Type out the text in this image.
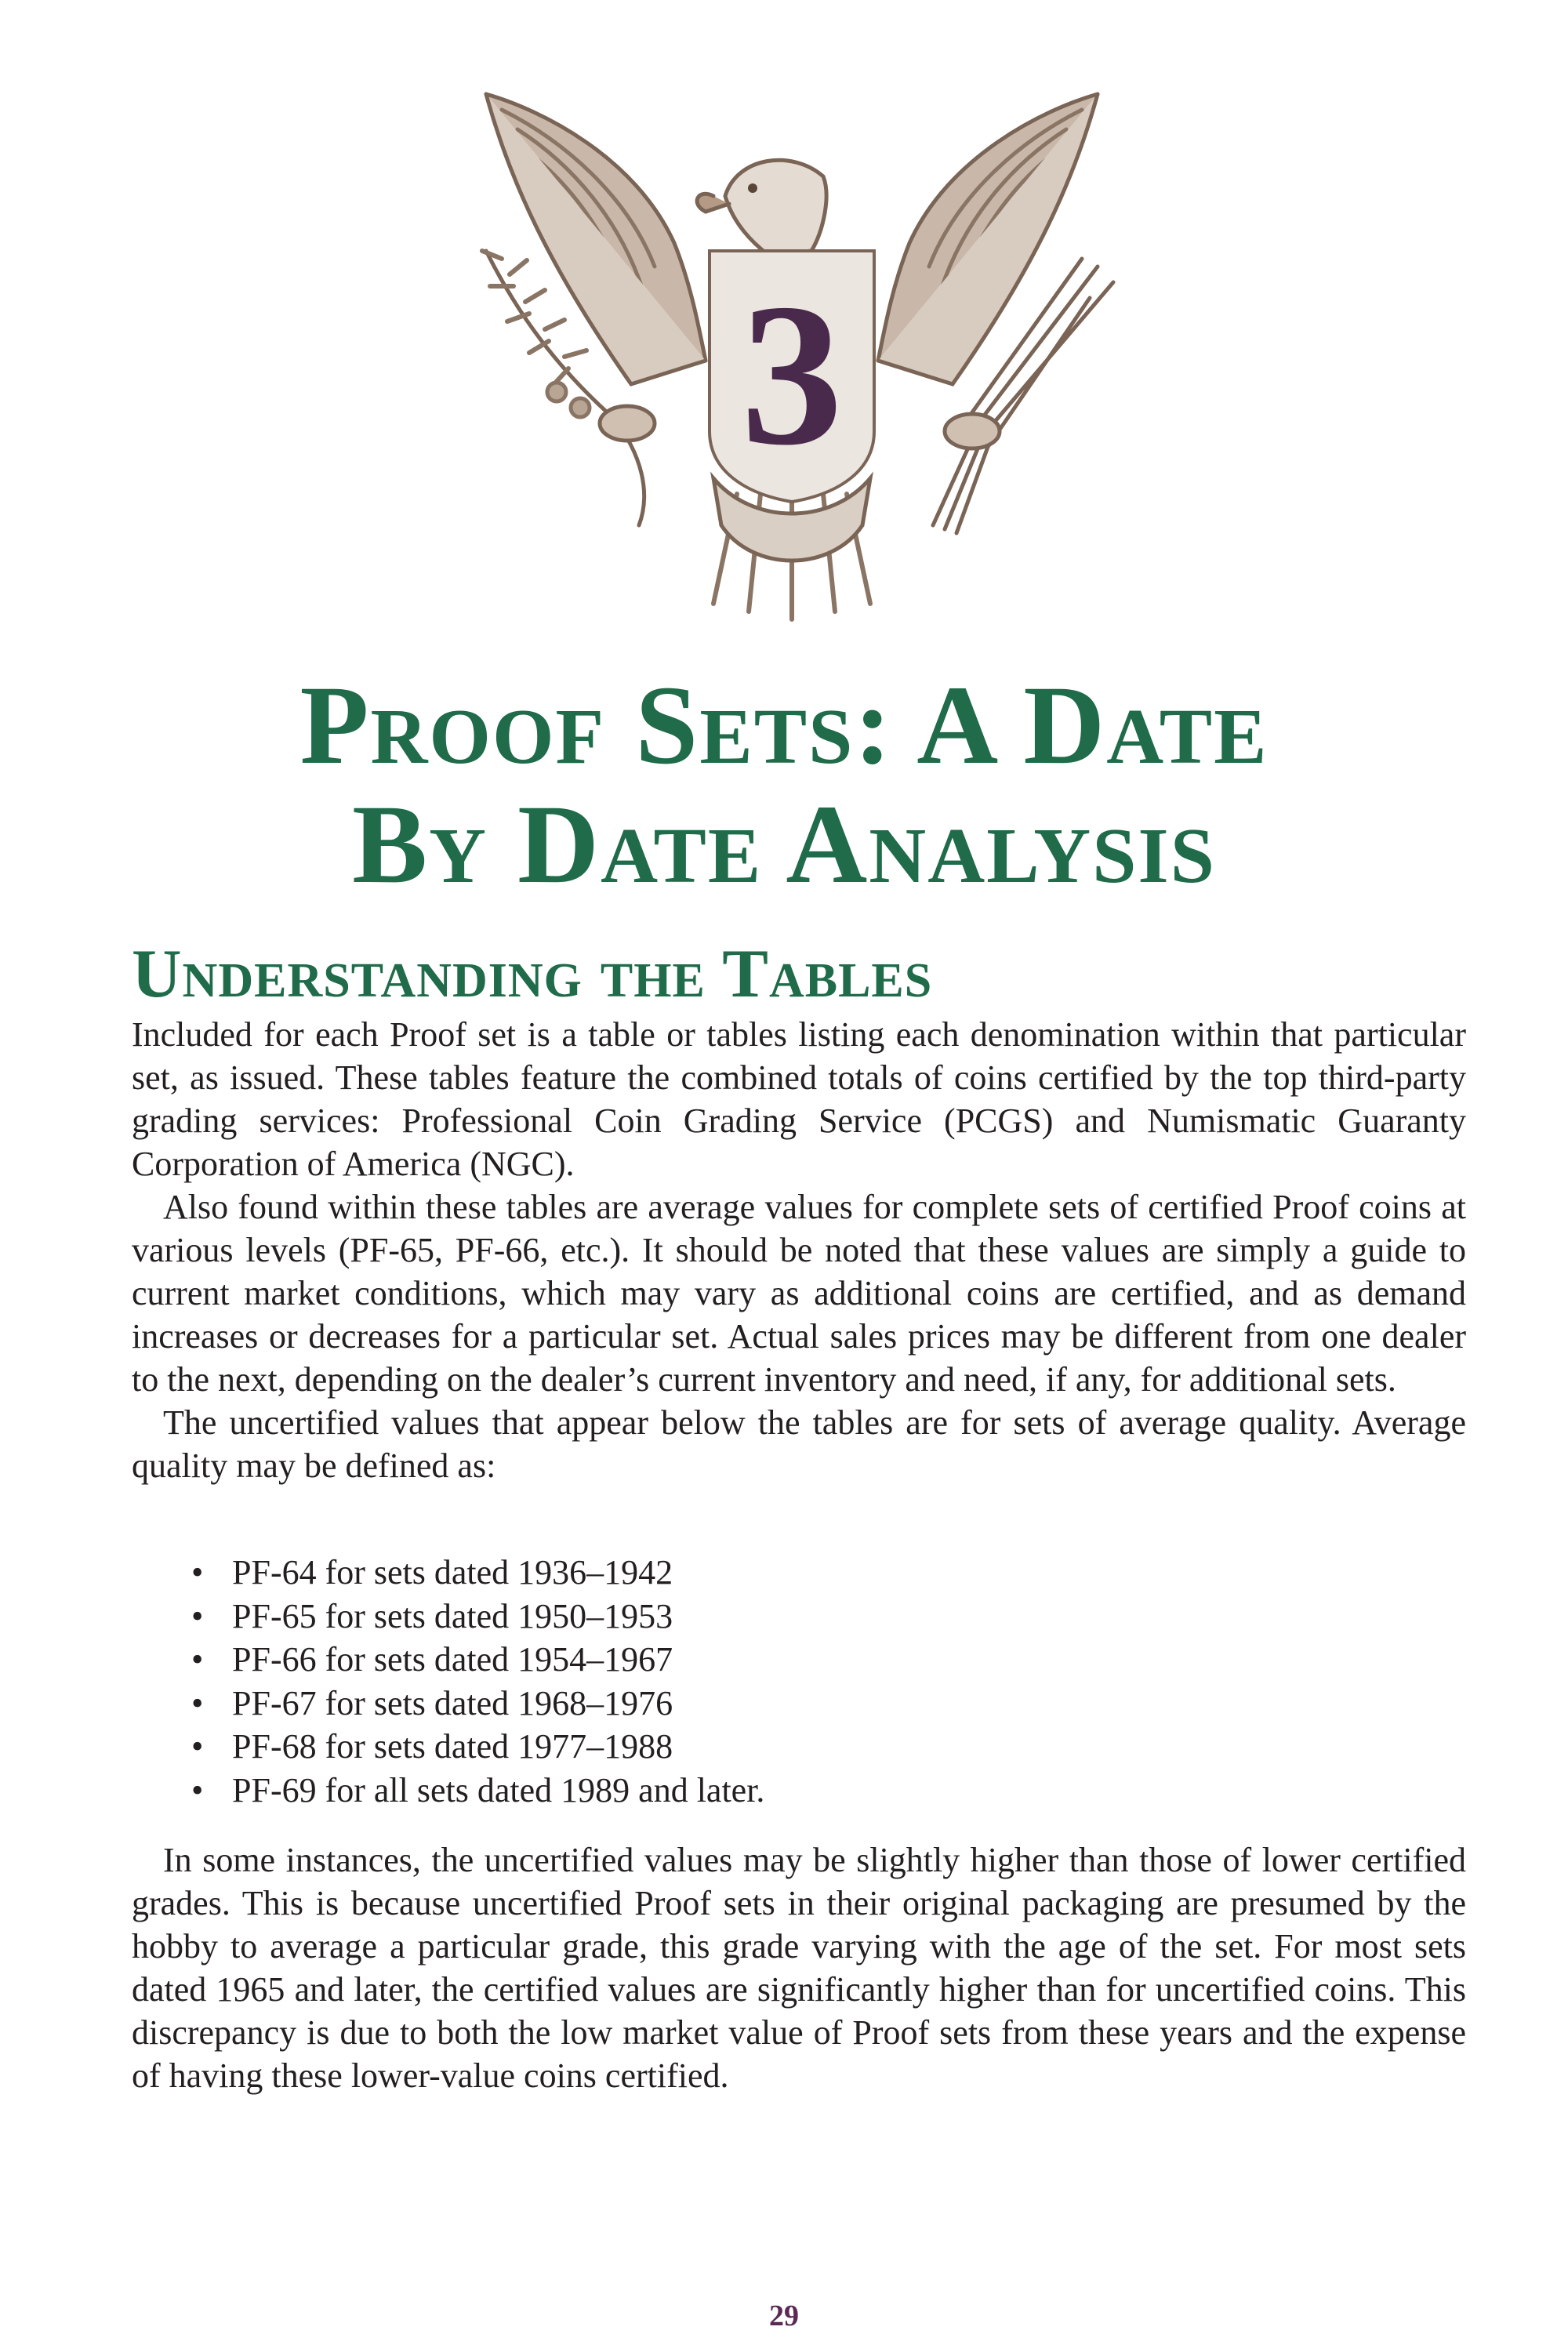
3
Proof Sets: A Date
By Date Analysis
Understanding the Tables

Included for each Proof set is a table or tables listing each denomination within that particular set, as issued. These tables feature the combined totals of coins certified by the top third-party grading services: Professional Coin Grading Service (PCGS) and Numismatic Guaranty Corporation of America (NGC).

Also found within these tables are average values for complete sets of certified Proof coins at various levels (PF-65, PF-66, etc.). It should be noted that these values are simply a guide to current market conditions, which may vary as additional coins are certified, and as demand increases or decreases for a particular set. Actual sales prices may be different from one dealer to the next, depending on the dealer’s current inventory and need, if any, for additional sets.

The uncertified values that appear below the tables are for sets of average quality. Average quality may be defined as:

• PF-64 for sets dated 1936–1942
• PF-65 for sets dated 1950–1953
• PF-66 for sets dated 1954–1967
• PF-67 for sets dated 1968–1976
• PF-68 for sets dated 1977–1988
• PF-69 for all sets dated 1989 and later.

In some instances, the uncertified values may be slightly higher than those of lower certified grades. This is because uncertified Proof sets in their original packaging are presumed by the hobby to average a particular grade, this grade varying with the age of the set. For most sets dated 1965 and later, the certified values are significantly higher than for uncertified coins. This discrepancy is due to both the low market value of Proof sets from these years and the expense of having these lower-value coins certified.

29
